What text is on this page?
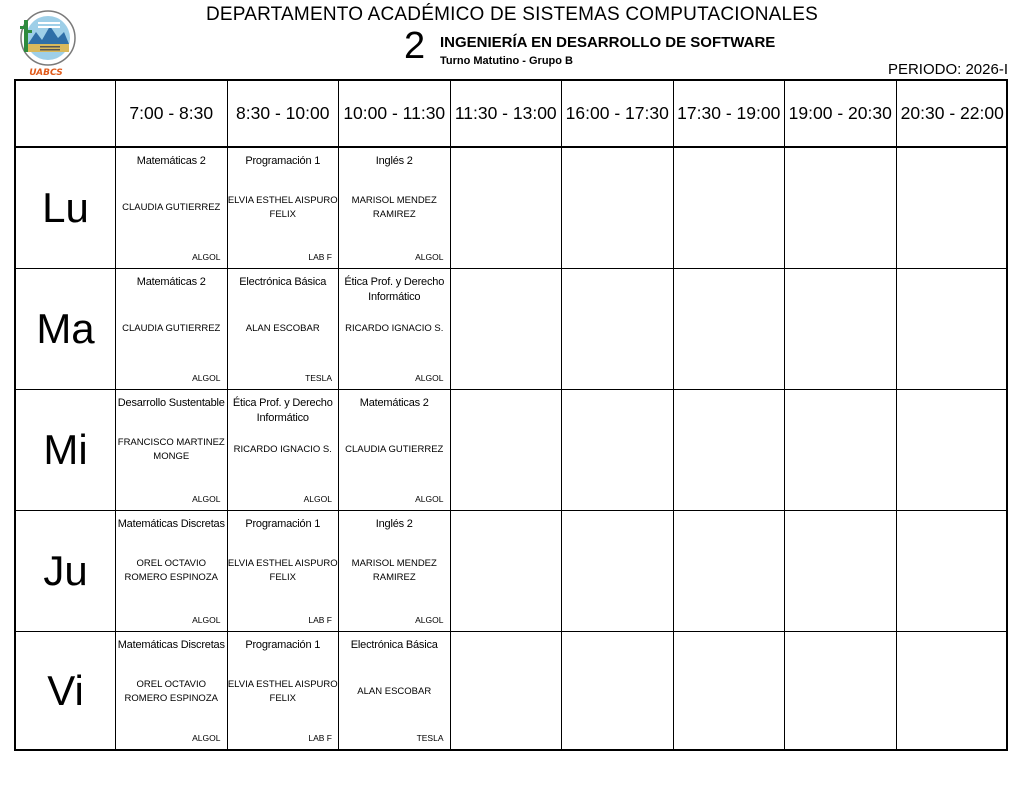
UABCS
DEPARTAMENTO ACADÉMICO DE SISTEMAS COMPUTACIONALES
2 INGENIERÍA EN DESARROLLO DE SOFTWARE
Turno Matutino - Grupo B	PERIODO: 2026-I
7:00 - 8:30	8:30 - 10:00 10:00 - 11:30 11:30 - 13:00 16:00 - 17:30 17:30 - 19:00 19:00 - 20:30 20:30 - 22:00
Lu
Matemáticas 2
CLAUDIA GUTIERREZ
ALGOL
Programación 1
ELVIA ESTHEL AISPURO FELIX
LAB F
Inglés 2
MARISOL MENDEZ RAMIREZ
ALGOL
Ma
Matemáticas 2
CLAUDIA GUTIERREZ
ALGOL
Electrónica Básica
ALAN ESCOBAR
TESLA
Ética Prof. y Derecho Informático
RICARDO IGNACIO S.
ALGOL
Mi
Desarrollo Sustentable
FRANCISCO MARTINEZ MONGE
ALGOL
Ética Prof. y Derecho Informático
RICARDO IGNACIO S.
ALGOL
Matemáticas 2
CLAUDIA GUTIERREZ
ALGOL
Ju
Matemáticas Discretas
OREL OCTAVIO ROMERO ESPINOZA
ALGOL
Programación 1
ELVIA ESTHEL AISPURO FELIX
LAB F
Inglés 2
MARISOL MENDEZ RAMIREZ
ALGOL
Vi
Matemáticas Discretas
OREL OCTAVIO ROMERO ESPINOZA
ALGOL
Programación 1
ELVIA ESTHEL AISPURO FELIX
LAB F
Electrónica Básica
ALAN ESCOBAR
TESLA
